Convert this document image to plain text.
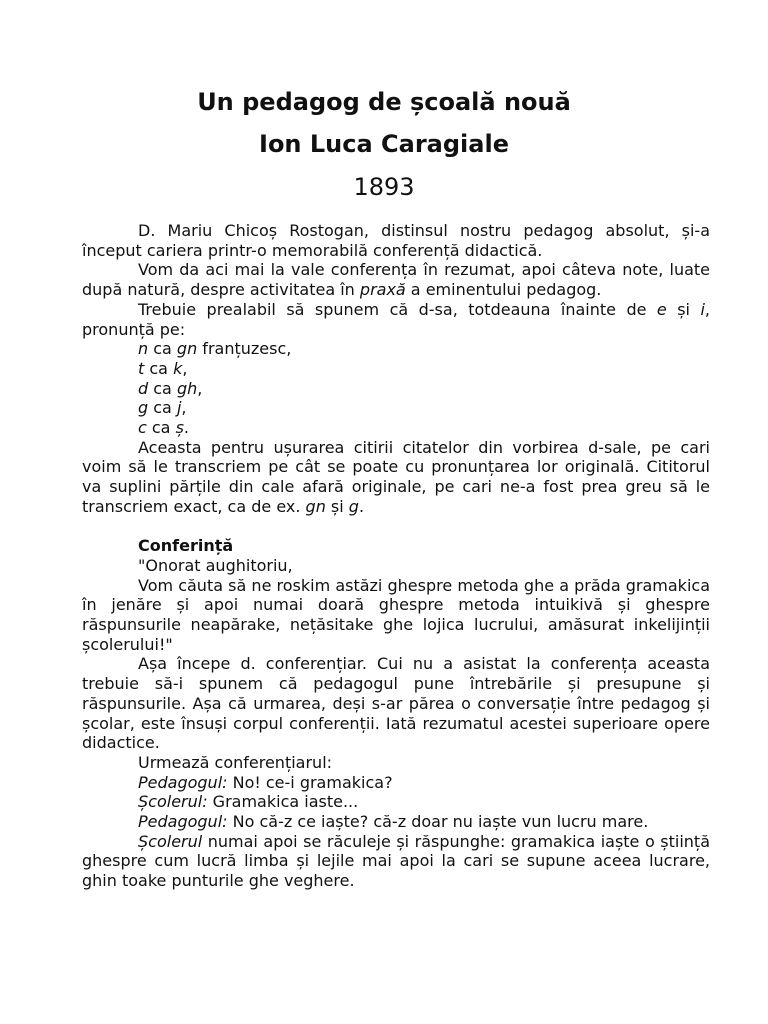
Un pedagog de școală nouă
Ion Luca Caragiale
1893

D. Mariu Chicoș Rostogan, distinsul nostru pedagog absolut, și-a început cariera printr-o memorabilă conferență didactică.

Vom da aci mai la vale conferența în rezumat, apoi câteva note, luate după natură, despre activitatea în praxă a eminentului pedagog.

Trebuie prealabil să spunem că d-sa, totdeauna înainte de e și i, pronunță pe:

n ca gn franțuzesc,

t ca k,

d ca gh,

g ca j,

c ca ș.

Aceasta pentru ușurarea citirii citatelor din vorbirea d-sale, pe cari voim să le transcriem pe cât se poate cu pronunțarea lor originală. Cititorul va suplini părțile din cale afară originale, pe cari ne-a fost prea greu să le transcriem exact, ca de ex. gn și g.

Conferință

"Onorat aughitoriu,

Vom căuta să ne roskim astăzi ghespre metoda ghe a prăda gramakica în jenăre și apoi numai doară ghespre metoda intuikivă și ghespre răspunsurile neapărake, nețăsitake ghe lojica lucrului, amăsurat inkelijinții școlerului!"

Așa începe d. conferențiar. Cui nu a asistat la conferența aceasta trebuie să-i spunem că pedagogul pune întrebările și presupune și răspunsurile. Așa că urmarea, deși s-ar părea o conversație între pedagog și școlar, este însuși corpul conferenții. Iată rezumatul acestei superioare opere didactice.

Urmează conferențiarul:

Pedagogul: No! ce-i gramakica?

Școlerul: Gramakica iaste...

Pedagogul: No că-z ce iaște? că-z doar nu iaște vun lucru mare.

Școlerul numai apoi se răculeje și răspunghe: gramakica iaște o știință ghespre cum lucră limba și lejile mai apoi la cari se supune aceea lucrare, ghin toake punturile ghe veghere.
